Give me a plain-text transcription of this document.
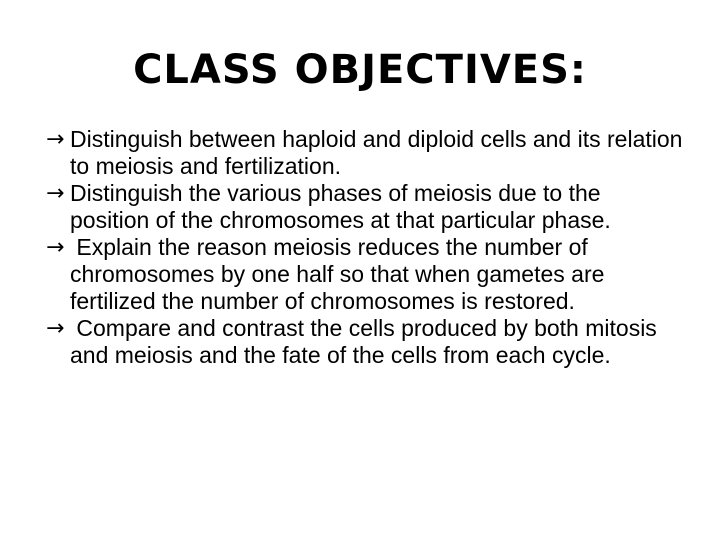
CLASS OBJECTIVES:
→ Distinguish between haploid and diploid cells and its relation to meiosis and fertilization.
→ Distinguish the various phases of meiosis due to the position of the chromosomes at that particular phase.
→ Explain the reason meiosis reduces the number of chromosomes by one half so that when gametes are fertilized the number of chromosomes is restored.
→ Compare and contrast the cells produced by both mitosis and meiosis and the fate of the cells from each cycle.
